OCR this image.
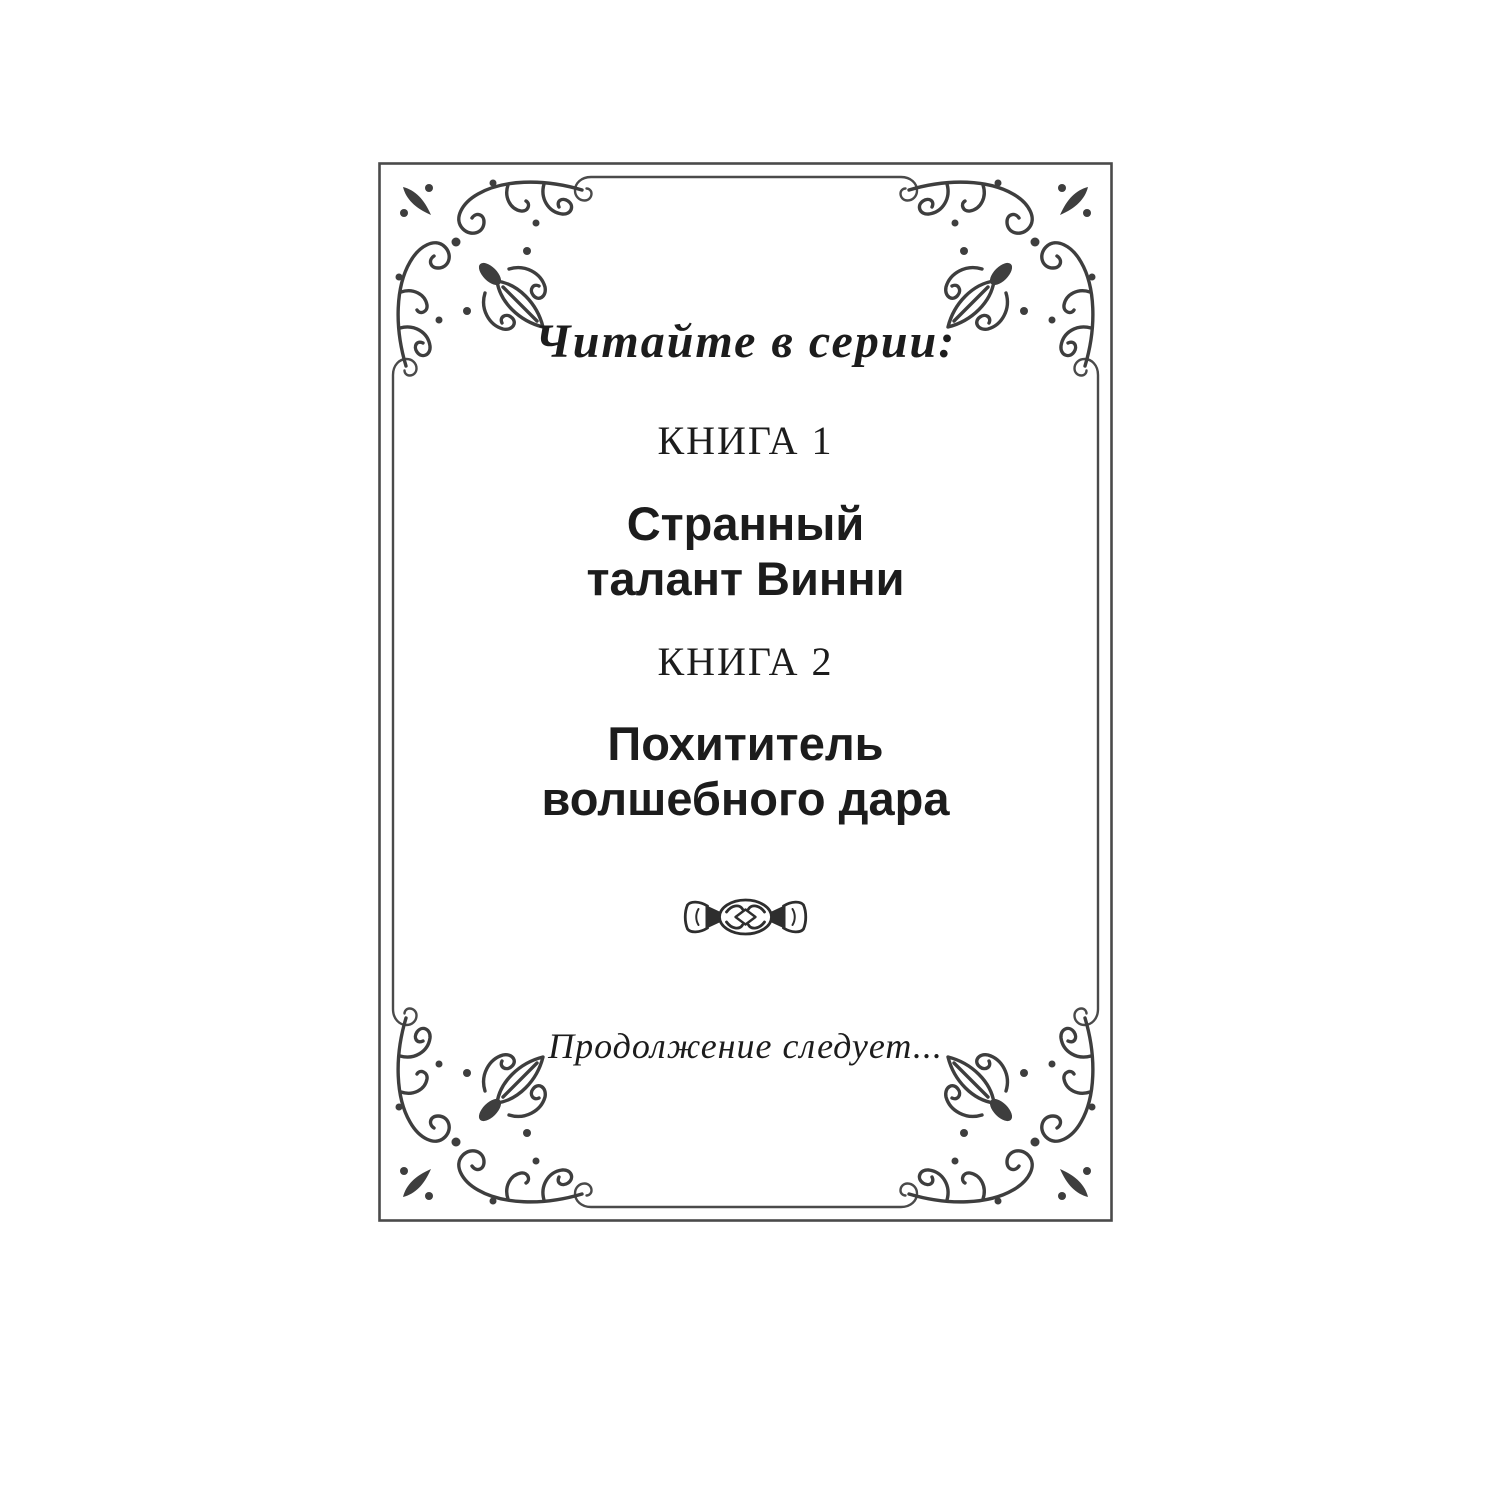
Читайте в серии:
КНИГА 1
Странный
талант Винни
КНИГА 2
Похититель
волшебного дара
Продолжение следует...
